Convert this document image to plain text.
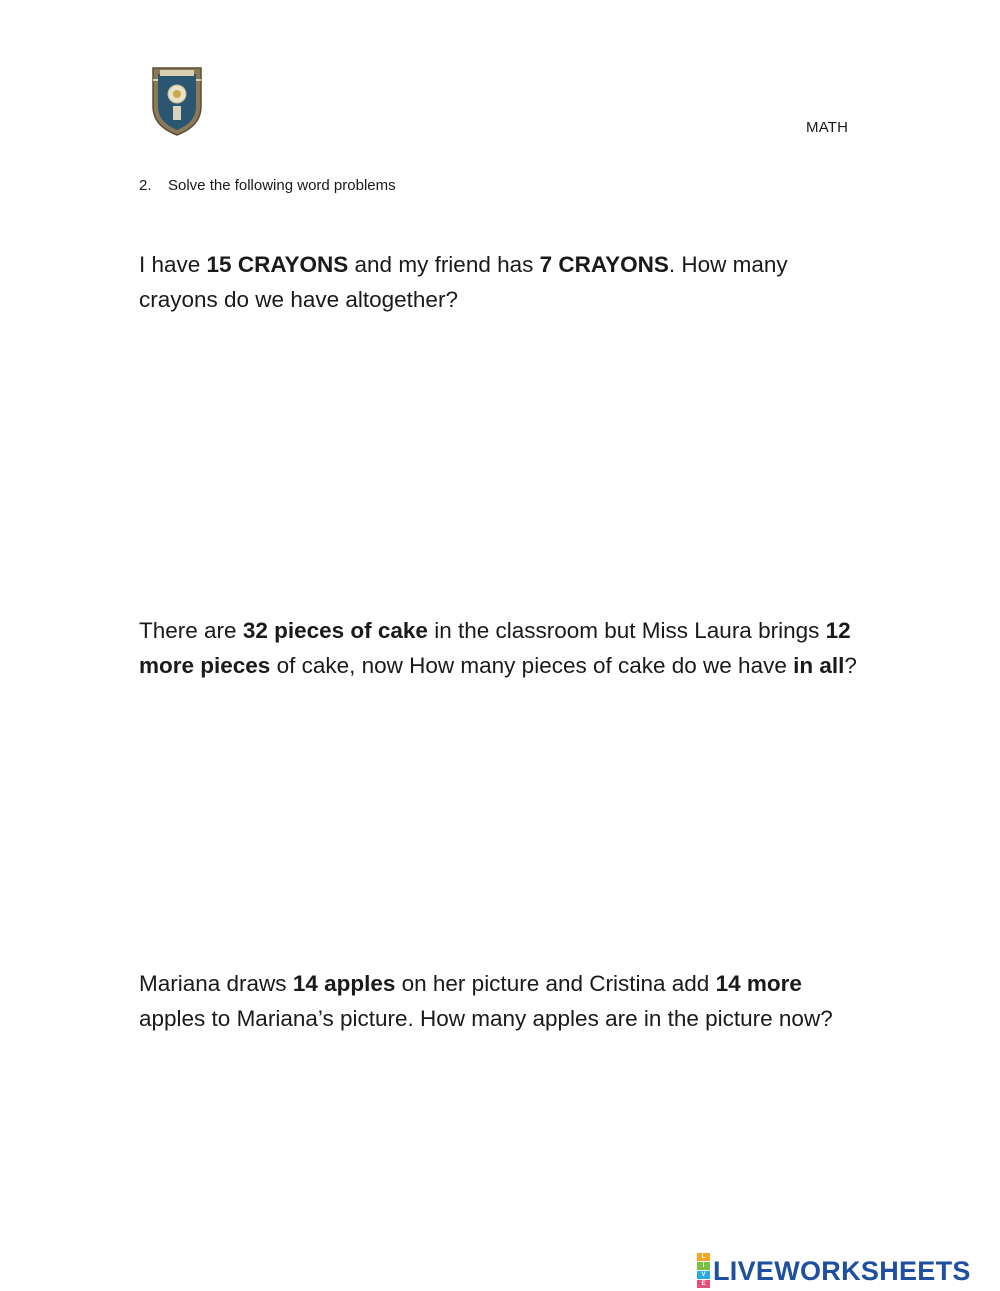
MATH
2. Solve the following word problems
I have 15 CRAYONS and my friend has 7 CRAYONS. How many crayons do we have altogether?
There are 32 pieces of cake in the classroom but Miss Laura brings 12 more pieces of cake, now How many pieces of cake do we have in all?
Mariana draws 14 apples on her picture and Cristina add 14 more apples to Mariana’s picture. How many apples are in the picture now?
L
I
V
E LIVEWORKSHEETS
